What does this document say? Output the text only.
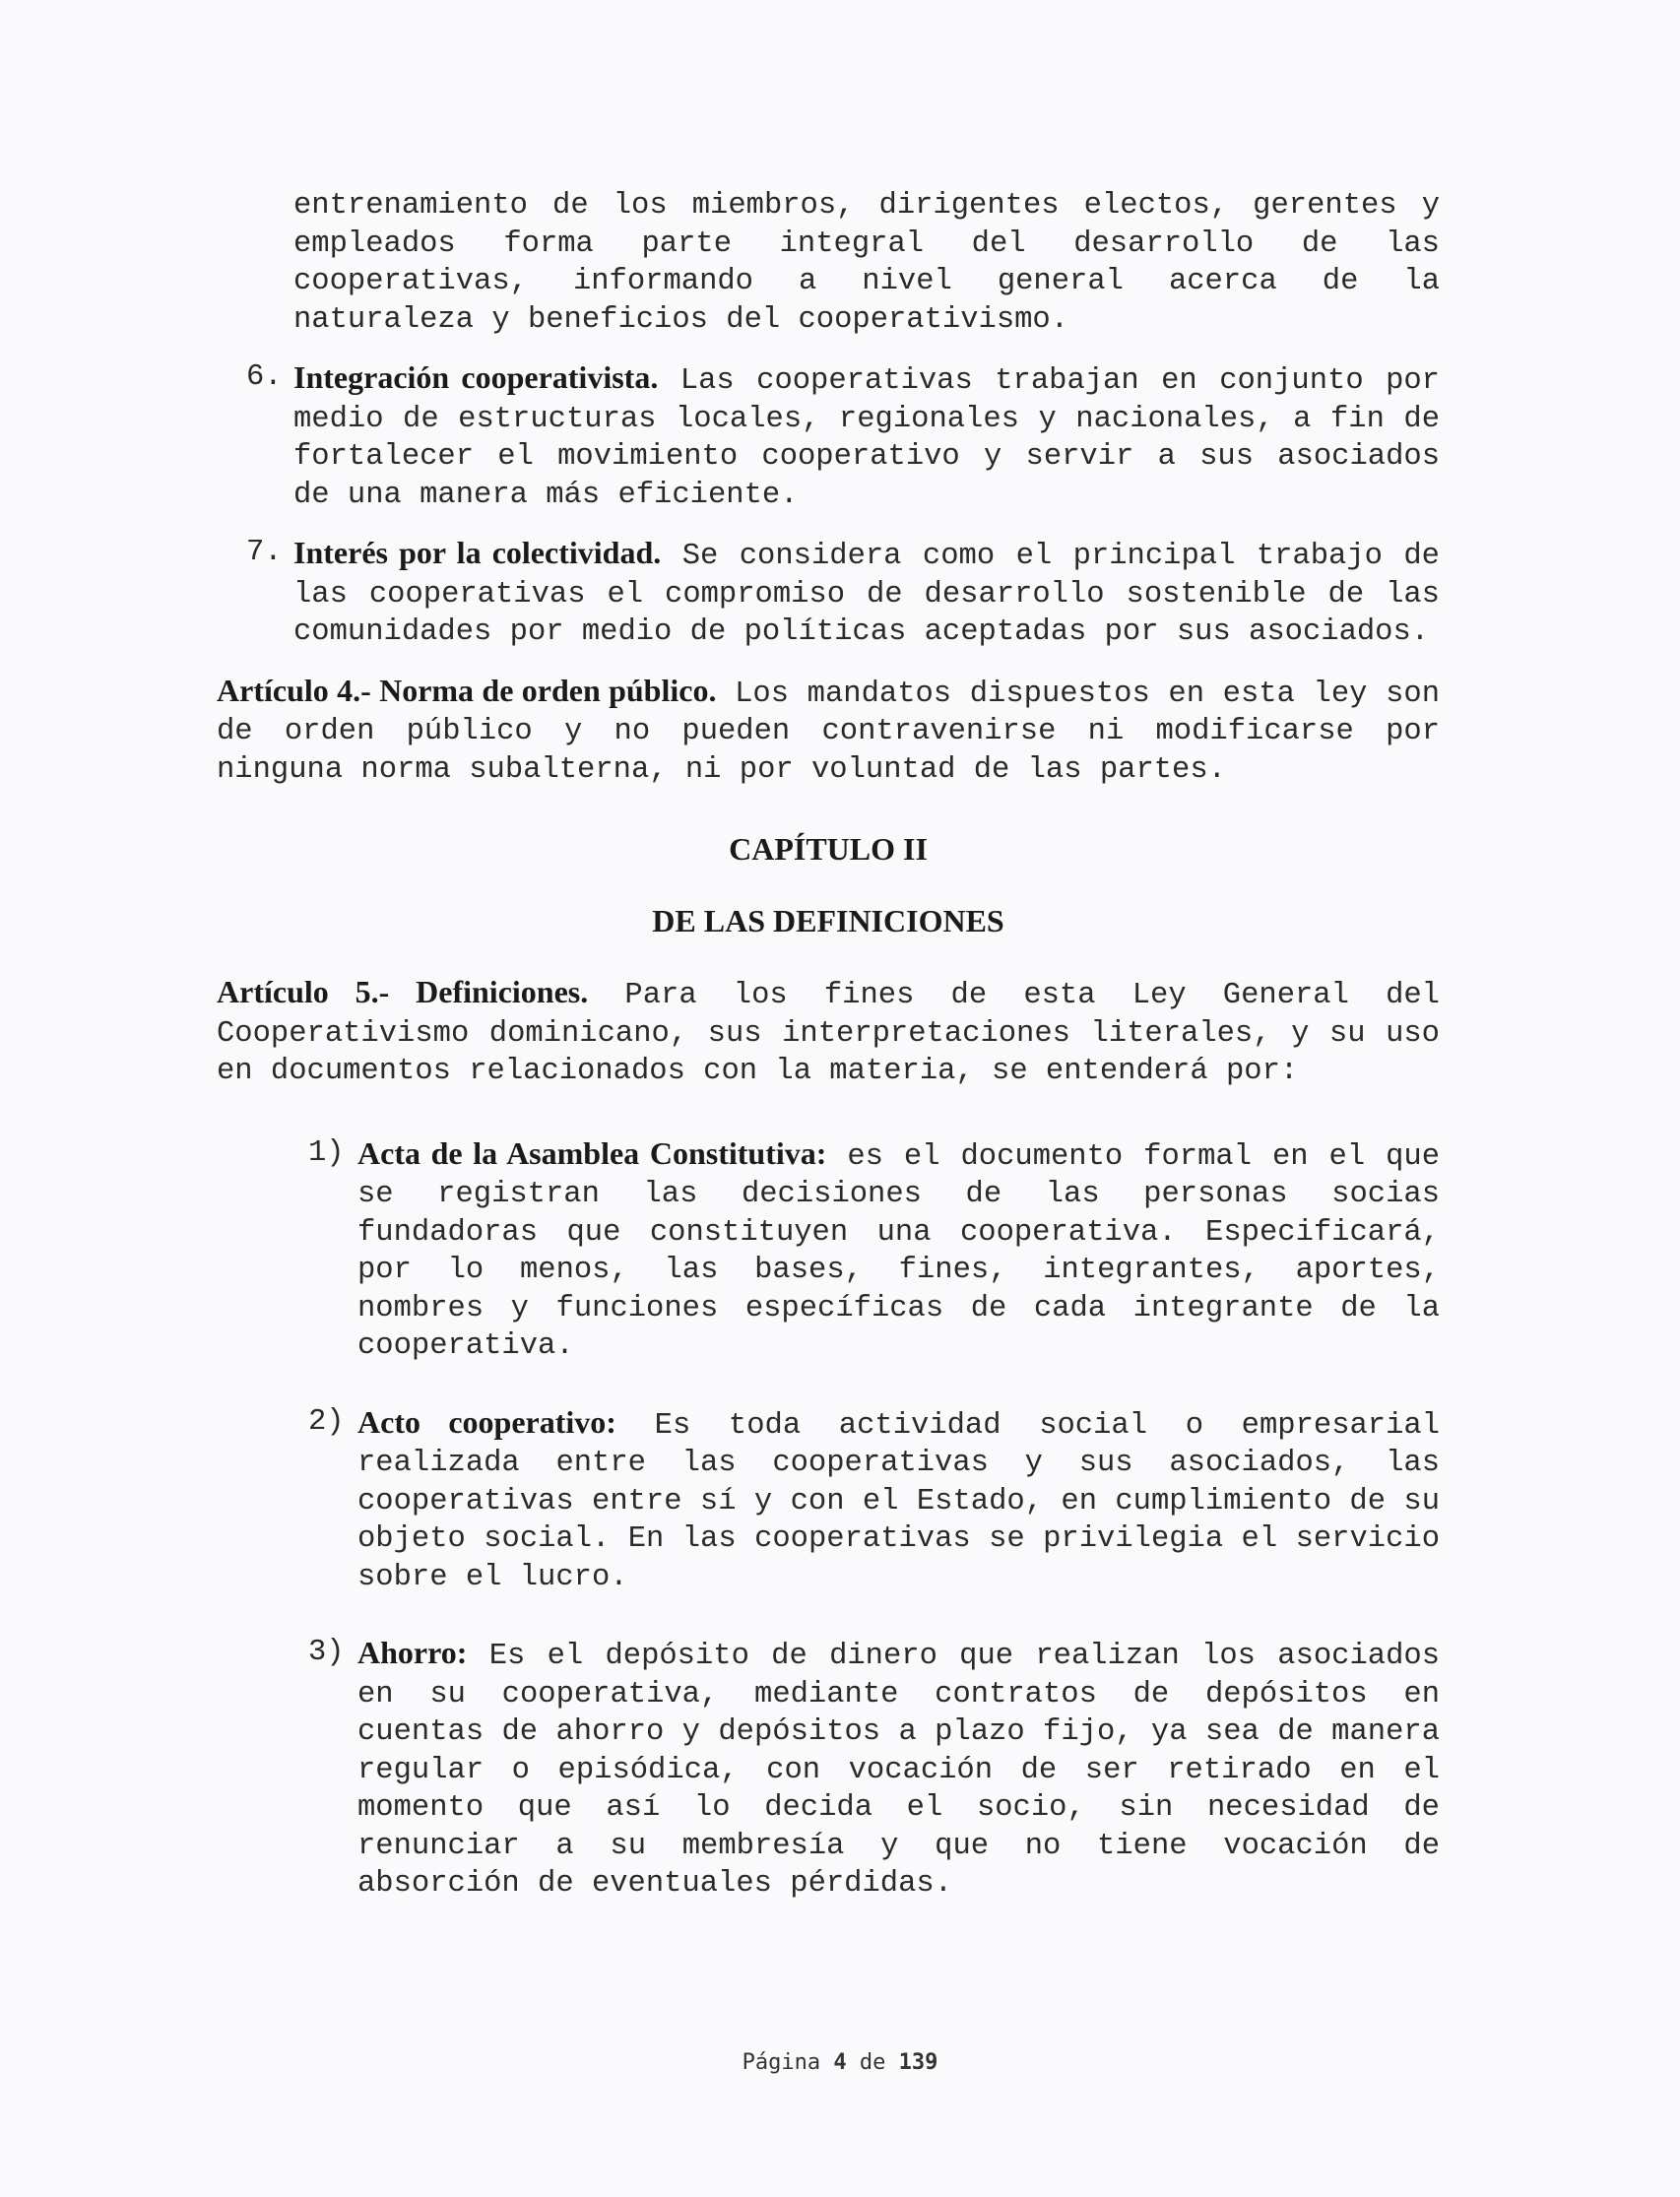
entrenamiento de los miembros, dirigentes electos, gerentes y empleados forma parte integral del desarrollo de las cooperativas, informando a nivel general acerca de la naturaleza y beneficios del cooperativismo.

6. Integración cooperativista. Las cooperativas trabajan en conjunto por medio de estructuras locales, regionales y nacionales, a fin de fortalecer el movimiento cooperativo y servir a sus asociados de una manera más eficiente.

7. Interés por la colectividad. Se considera como el principal trabajo de las cooperativas el compromiso de desarrollo sostenible de las comunidades por medio de políticas aceptadas por sus asociados.

Artículo 4.- Norma de orden público. Los mandatos dispuestos en esta ley son de orden público y no pueden contravenirse ni modificarse por ninguna norma subalterna, ni por voluntad de las partes.

CAPÍTULO II

DE LAS DEFINICIONES

Artículo 5.- Definiciones. Para los fines de esta Ley General del Cooperativismo dominicano, sus interpretaciones literales, y su uso en documentos relacionados con la materia, se entenderá por:

1) Acta de la Asamblea Constitutiva: es el documento formal en el que se registran las decisiones de las personas socias fundadoras que constituyen una cooperativa. Especificará, por lo menos, las bases, fines, integrantes, aportes, nombres y funciones específicas de cada integrante de la cooperativa.

2) Acto cooperativo: Es toda actividad social o empresarial realizada entre las cooperativas y sus asociados, las cooperativas entre sí y con el Estado, en cumplimiento de su objeto social. En las cooperativas se privilegia el servicio sobre el lucro.

3) Ahorro: Es el depósito de dinero que realizan los asociados en su cooperativa, mediante contratos de depósitos en cuentas de ahorro y depósitos a plazo fijo, ya sea de manera regular o episódica, con vocación de ser retirado en el momento que así lo decida el socio, sin necesidad de renunciar a su membresía y que no tiene vocación de absorción de eventuales pérdidas.

Página 4 de 139
